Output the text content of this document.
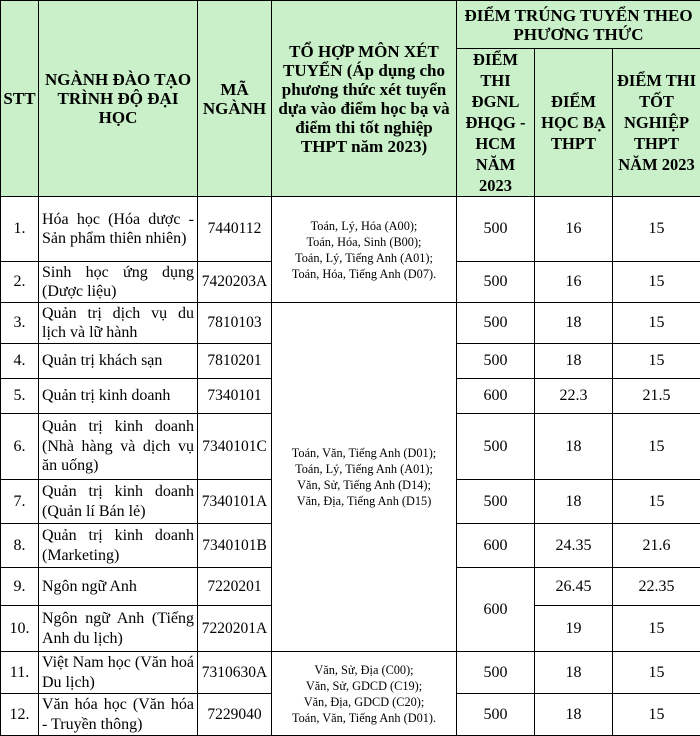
STT	NGÀNH ĐÀO TẠO TRÌNH ĐỘ ĐẠI HỌC	MÃ NGÀNH	TỔ HỢP MÔN XÉT TUYỂN (Áp dụng cho phương thức xét tuyển dựa vào điểm học bạ và điểm thi tốt nghiệp THPT năm 2023)	ĐIỂM TRÚNG TUYỂN THEO PHƯƠNG THỨC		
				ĐIỂM THI ĐGNL ĐHQG - HCM NĂM 2023	ĐIỂM HỌC BẠ THPT	ĐIỂM THI TỐT NGHIỆP THPT NĂM 2023
1.	Hóa học (Hóa dược - Sản phẩm thiên nhiên)	7440112	Toán, Lý, Hóa (A00);
Toán, Hóa, Sinh (B00);
Toán, Lý, Tiếng Anh (A01);
Toán, Hóa, Tiếng Anh (D07).	500	16	15
2.	Sinh học ứng dụng (Dược liệu)	7420203A		500	16	15
3.	Quản trị dịch vụ du lịch và lữ hành	7810103	Toán, Văn, Tiếng Anh (D01);
Toán, Lý, Tiếng Anh (A01);
Văn, Sử, Tiếng Anh (D14);
Văn, Địa, Tiếng Anh (D15)	500	18	15
4.	Quản trị khách sạn	7810201		500	18	15
5.	Quản trị kinh doanh	7340101		600	22.3	21.5
6.	Quản trị kinh doanh (Nhà hàng và dịch vụ ăn uống)	7340101C		500	18	15
7.	Quản trị kinh doanh (Quản lí Bán lẻ)	7340101A		500	18	15
8.	Quản trị kinh doanh (Marketing)	7340101B		600	24.35	21.6
9.	Ngôn ngữ Anh	7220201		600	26.45	22.35
10.	Ngôn ngữ Anh (Tiếng Anh du lịch)	7220201A			19	15
11.	Việt Nam học (Văn hoá Du lịch)	7310630A	Văn, Sử, Địa (C00);
Văn, Sử, GDCD (C19);
Văn, Địa, GDCD (C20);
Toán, Văn, Tiếng Anh (D01).	500	18	15
12.	Văn hóa học (Văn hóa - Truyền thông)	7229040		500	18	15
